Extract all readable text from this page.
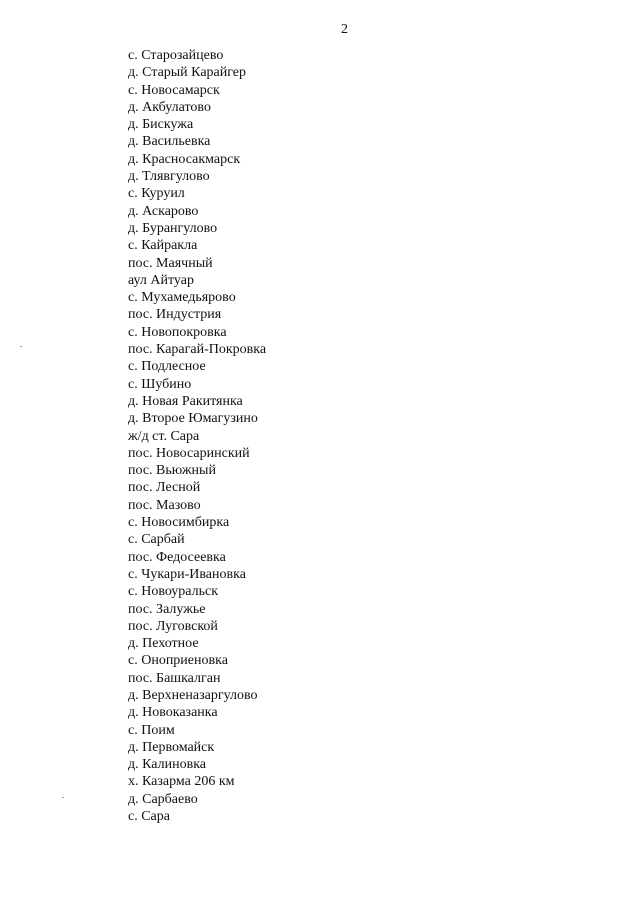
2
с. Старозайцево
д. Старый Карайгер
с. Новосамарск
д. Акбулатово
д. Бискужа
д. Васильевка
д. Красносакмарск
д. Тлявгулово
с. Куруил
д. Аскарово
д. Бурангулово
с. Кайракла
пос. Маячный
аул Айтуар
с. Мухамедьярово
пос. Индустрия
с. Новопокровка
пос. Карагай-Покровка
с. Подлесное
с. Шубино
д. Новая Ракитянка
д. Второе Юмагузино
ж/д ст. Сара
пос. Новосаринский
пос. Вьюжный
пос. Лесной
пос. Мазово
с. Новосимбирка
с. Сарбай
пос. Федосеевка
с. Чукари-Ивановка
с. Новоуральск
пос. Залужье
пос. Луговской
д. Пехотное
с. Оноприеновка
пос. Башкалган
д. Верхненазаргулово
д. Новоказанка
с. Поим
д. Первомайск
д. Калиновка
х. Казарма 206 км
д. Сарбаево
с. Сара
